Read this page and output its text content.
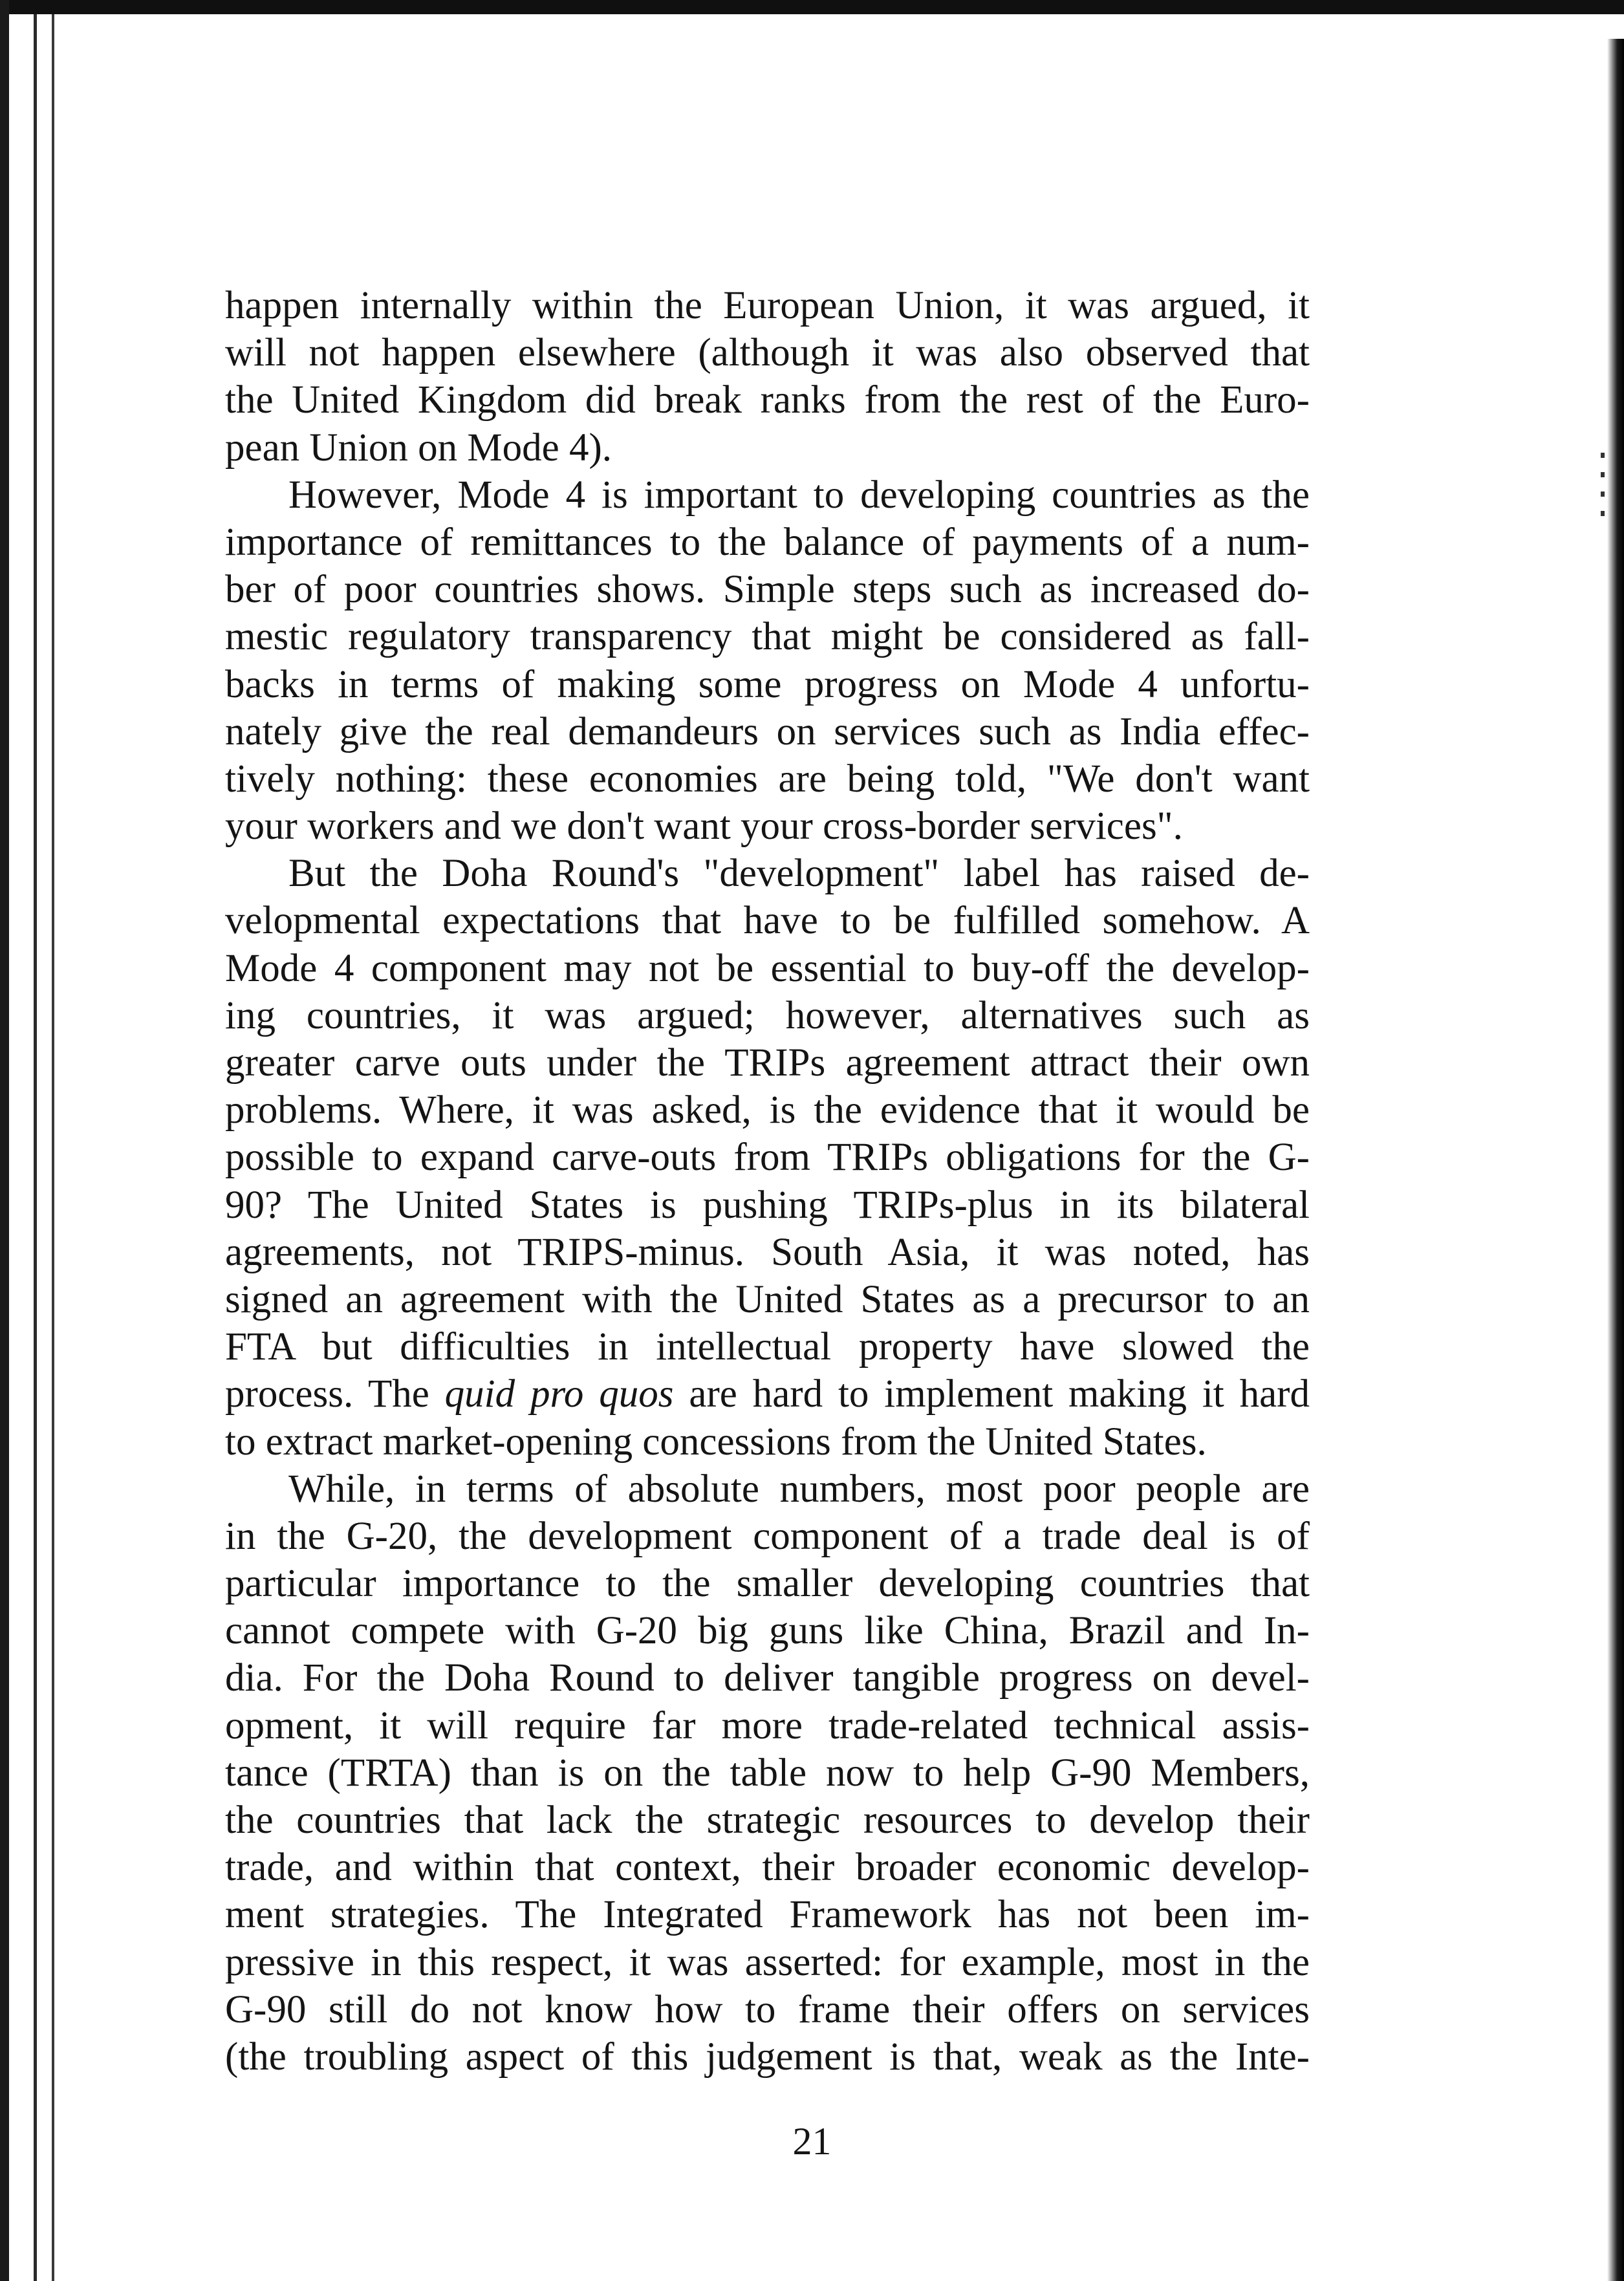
happen internally within the European Union, it was argued, it
will not happen elsewhere (although it was also observed that
the United Kingdom did break ranks from the rest of the Euro-
pean Union on Mode 4).
However, Mode 4 is important to developing countries as the
importance of remittances to the balance of payments of a num-
ber of poor countries shows. Simple steps such as increased do-
mestic regulatory transparency that might be considered as fall-
backs in terms of making some progress on Mode 4 unfortu-
nately give the real demandeurs on services such as India effec-
tively nothing: these economies are being told, "We don't want
your workers and we don't want your cross-border services".
But the Doha Round's "development" label has raised de-
velopmental expectations that have to be fulfilled somehow. A
Mode 4 component may not be essential to buy-off the develop-
ing countries, it was argued; however, alternatives such as
greater carve outs under the TRIPs agreement attract their own
problems. Where, it was asked, is the evidence that it would be
possible to expand carve-outs from TRIPs obligations for the G-
90? The United States is pushing TRIPs-plus in its bilateral
agreements, not TRIPS-minus. South Asia, it was noted, has
signed an agreement with the United States as a precursor to an
FTA but difficulties in intellectual property have slowed the
process. The quid pro quos are hard to implement making it hard
to extract market-opening concessions from the United States.
While, in terms of absolute numbers, most poor people are
in the G-20, the development component of a trade deal is of
particular importance to the smaller developing countries that
cannot compete with G-20 big guns like China, Brazil and In-
dia. For the Doha Round to deliver tangible progress on devel-
opment, it will require far more trade-related technical assis-
tance (TRTA) than is on the table now to help G-90 Members,
the countries that lack the strategic resources to develop their
trade, and within that context, their broader economic develop-
ment strategies. The Integrated Framework has not been im-
pressive in this respect, it was asserted: for example, most in the
G-90 still do not know how to frame their offers on services
(the troubling aspect of this judgement is that, weak as the Inte-
21
